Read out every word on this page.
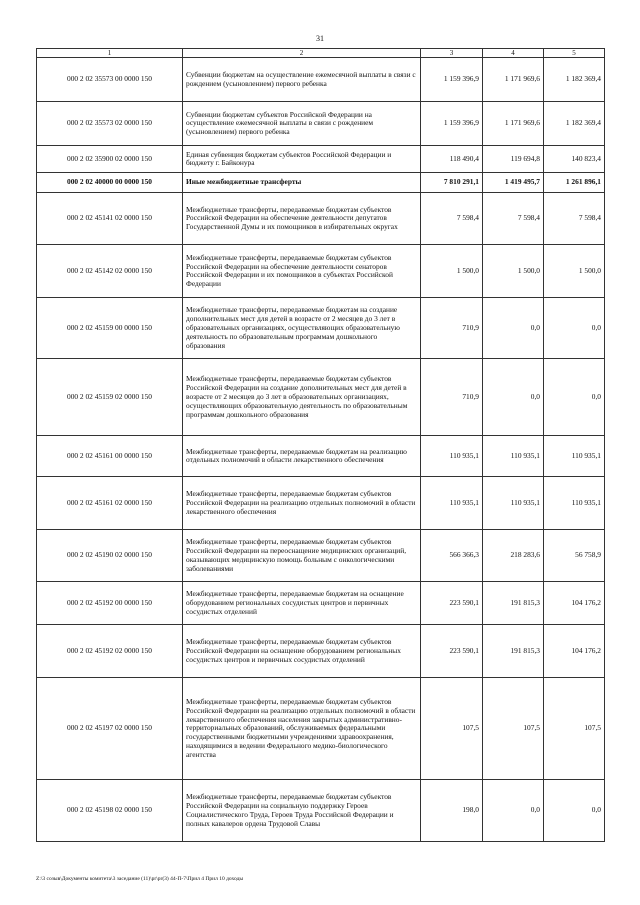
31
1	2	3	4	5
000 2 02 35573 00 0000 150	Субвенции бюджетам на осуществление ежемесячной выплаты в связи с рождением (усыновлением) первого ребенка	1 159 396,9	1 171 969,6	1 182 369,4
000 2 02 35573 02 0000 150	Субвенции бюджетам субъектов Российской Федерации на осуществление ежемесячной выплаты в связи с рождением (усыновлением) первого ребенка	1 159 396,9	1 171 969,6	1 182 369,4
000 2 02 35900 02 0000 150	Единая субвенция бюджетам субъектов Российской Федерации и бюджету г. Байконура	118 490,4	119 694,8	140 823,4
000 2 02 40000 00 0000 150	Иные межбюджетные трансферты	7 810 291,1	1 419 495,7	1 261 896,1
000 2 02 45141 02 0000 150	Межбюджетные трансферты, передаваемые бюджетам субъектов Российской Федерации на обеспечение деятельности депутатов Государственной Думы и их помощников в избирательных округах	7 598,4	7 598,4	7 598,4
000 2 02 45142 02 0000 150	Межбюджетные трансферты, передаваемые бюджетам субъектов Российской Федерации на обеспечение деятельности сенаторов Российской Федерации и их помощников в субъектах Российской Федерации	1 500,0	1 500,0	1 500,0
000 2 02 45159 00 0000 150	Межбюджетные трансферты, передаваемые бюджетам на создание дополнительных мест для детей в возрасте от 2 месяцев до 3 лет в образовательных организациях, осуществляющих образовательную деятельность по образовательным программам дошкольного образования	710,9	0,0	0,0
000 2 02 45159 02 0000 150	Межбюджетные трансферты, передаваемые бюджетам субъектов Российской Федерации на создание дополнительных мест для детей в возрасте от 2 месяцев до 3 лет в образовательных организациях, осуществляющих образовательную деятельность по образовательным программам дошкольного образования	710,9	0,0	0,0
000 2 02 45161 00 0000 150	Межбюджетные трансферты, передаваемые бюджетам на реализацию отдельных полномочий в области лекарственного обеспечения	110 935,1	110 935,1	110 935,1
000 2 02 45161 02 0000 150	Межбюджетные трансферты, передаваемые бюджетам субъектов Российской Федерации на реализацию отдельных полномочий в области лекарственного обеспечения	110 935,1	110 935,1	110 935,1
000 2 02 45190 02 0000 150	Межбюджетные трансферты, передаваемые бюджетам субъектов Российской Федерации на переоснащение медицинских организаций, оказывающих медицинскую помощь больным с онкологическими заболеваниями	566 366,3	218 283,6	56 758,9
000 2 02 45192 00 0000 150	Межбюджетные трансферты, передаваемые бюджетам на оснащение оборудованием региональных сосудистых центров и первичных сосудистых отделений	223 590,1	191 815,3	104 176,2
000 2 02 45192 02 0000 150	Межбюджетные трансферты, передаваемые бюджетам субъектов Российской Федерации на оснащение оборудованием региональных сосудистых центров и первичных сосудистых отделений	223 590,1	191 815,3	104 176,2
000 2 02 45197 02 0000 150	Межбюджетные трансферты, передаваемые бюджетам субъектов Российской Федерации на реализацию отдельных полномочий в области лекарственного обеспечения населения закрытых административно-территориальных образований, обслуживаемых федеральными государственными бюджетными учреждениями здравоохранения, находящимися в ведении Федерального медико-биологического агентства	107,5	107,5	107,5
000 2 02 45198 02 0000 150	Межбюджетные трансферты, передаваемые бюджетам субъектов Российской Федерации на социальную поддержку Героев Социалистического Труда, Героев Труда Российской Федерации и полных кавалеров ордена Трудовой Славы	198,0	0,0	0,0
Z:\3 созыв\Документы комитета\3 заседание (11)\pr\pr(3) 44-П-7\Прил 4 Прил 10 доходы
